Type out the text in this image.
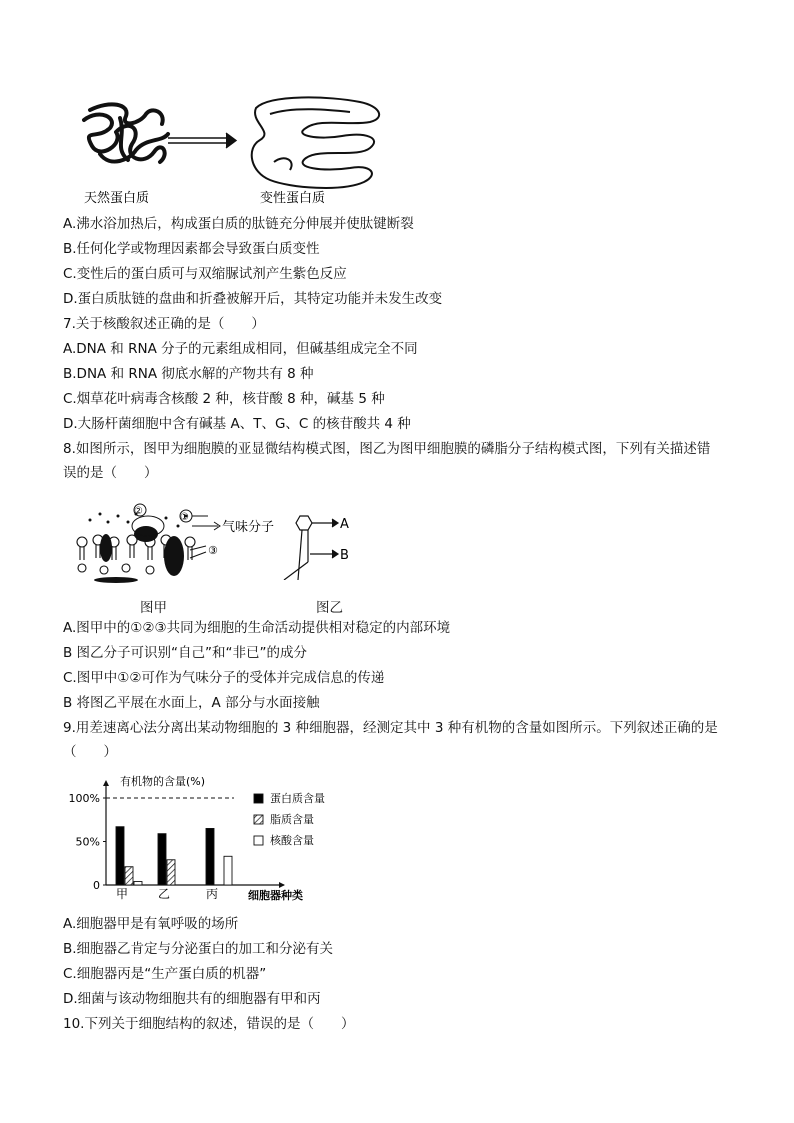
天然蛋白质	变性蛋白质
A.沸水浴加热后，构成蛋白质的肽链充分伸展并使肽键断裂
B.任何化学或物理因素都会导致蛋白质变性
C.变性后的蛋白质可与双缩脲试剂产生紫色反应
D.蛋白质肽链的盘曲和折叠被解开后，其特定功能并未发生改变
7.关于核酸叙述正确的是（　　）
A.DNA 和 RNA 分子的元素组成相同，但碱基组成完全不同
B.DNA 和 RNA 彻底水解的产物共有 8 种
C.烟草花叶病毒含核酸 2 种，核苷酸 8 种，碱基 5 种
D.大肠杆菌细胞中含有碱基 A、T、G、C 的核苷酸共 4 种
8.如图所示，图甲为细胞膜的亚显微结构模式图，图乙为图甲细胞膜的磷脂分子结构模式图，下列有关描述错
误的是（　　）
②
①
气味分子
③
A
B
图甲	图乙
A.图甲中的①②③共同为细胞的生命活动提供相对稳定的内部环境
B 图乙分子可识别“自己”和“非已”的成分
C.图甲中①②可作为气味分子的受体并完成信息的传递
B 将图乙平展在水面上，A 部分与水面接触
9.用差速离心法分离出某动物细胞的 3 种细胞器，经测定其中 3 种有机物的含量如图所示。下列叙述正确的是
（　　）
100%
50%
0
甲 乙	丙
蛋白质含量
脂质含量
核酸含量
有机物的含量(%)
细胞器种类
A.细胞器甲是有氧呼吸的场所
B.细胞器乙肯定与分泌蛋白的加工和分泌有关
C.细胞器丙是“生产蛋白质的机器”
D.细菌与该动物细胞共有的细胞器有甲和丙
10.下列关于细胞结构的叙述，错误的是（　　）
